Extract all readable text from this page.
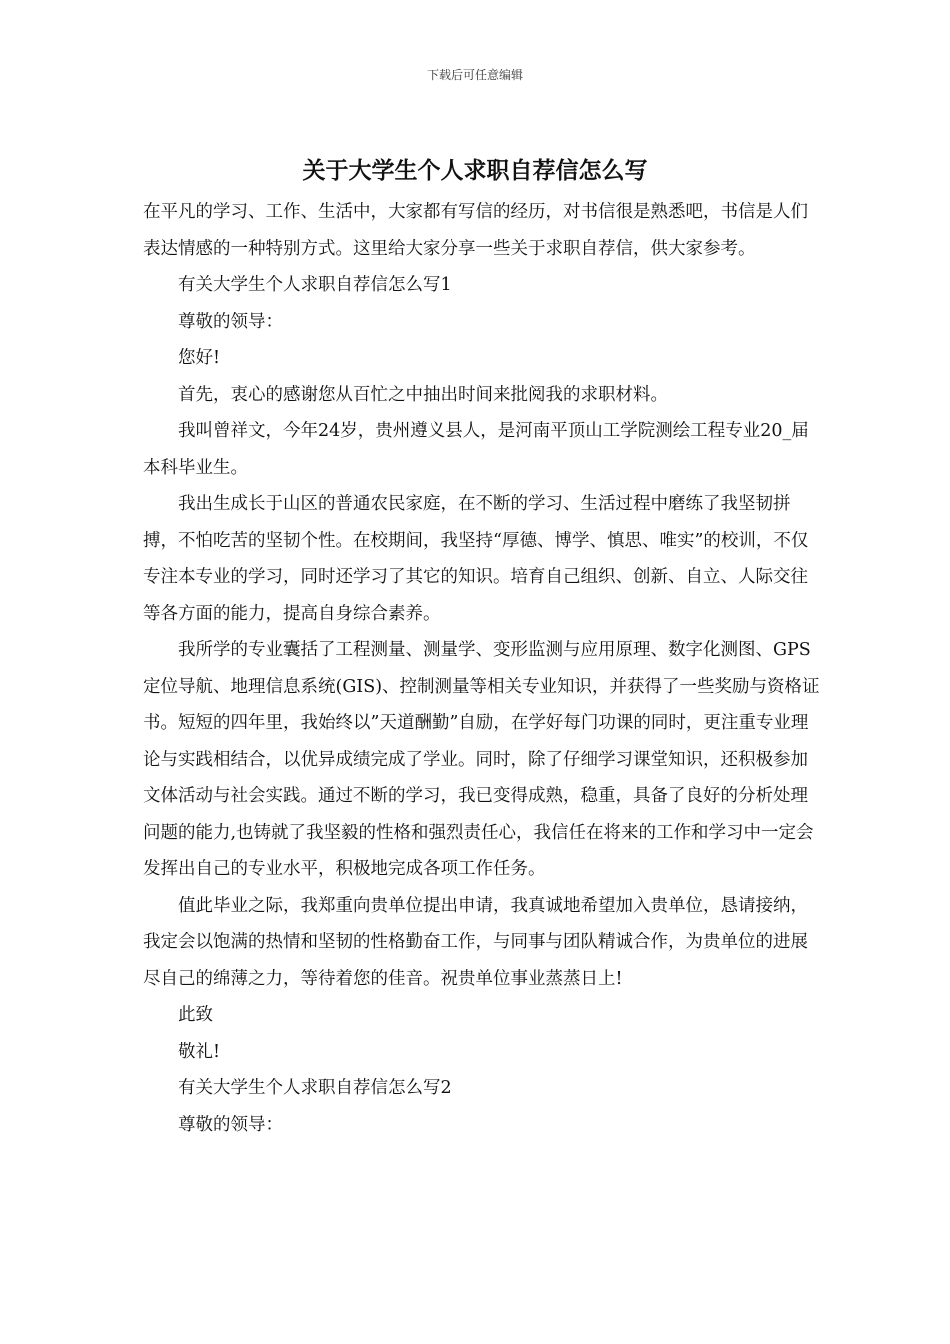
下载后可任意编辑
关于大学生个人求职自荐信怎么写

在平凡的学习、工作、生活中，大家都有写信的经历，对书信很是熟悉吧，书信是人们表达情感的一种特别方式。这里给大家分享一些关于求职自荐信，供大家参考。

有关大学生个人求职自荐信怎么写1

尊敬的领导：

您好!

首先，衷心的感谢您从百忙之中抽出时间来批阅我的求职材料。

我叫曾祥文，今年24岁，贵州遵义县人，是河南平顶山工学院测绘工程专业20_届本科毕业生。

我出生成长于山区的普通农民家庭，在不断的学习、生活过程中磨练了我坚韧拼搏，不怕吃苦的坚韧个性。在校期间，我坚持“厚德、博学、慎思、唯实”的校训，不仅专注本专业的学习，同时还学习了其它的知识。培育自己组织、创新、自立、人际交往等各方面的能力，提高自身综合素养。

我所学的专业囊括了工程测量、测量学、变形监测与应用原理、数字化测图、GPS定位导航、地理信息系统(GIS)、控制测量等相关专业知识，并获得了一些奖励与资格证书。短短的四年里，我始终以”天道酬勤”自励，在学好每门功课的同时，更注重专业理论与实践相结合，以优异成绩完成了学业。同时，除了仔细学习课堂知识，还积极参加文体活动与社会实践。通过不断的学习，我已变得成熟，稳重，具备了良好的分析处理问题的能力,也铸就了我坚毅的性格和强烈责任心，我信任在将来的工作和学习中一定会发挥出自己的专业水平，积极地完成各项工作任务。

值此毕业之际，我郑重向贵单位提出申请，我真诚地希望加入贵单位，恳请接纳，我定会以饱满的热情和坚韧的性格勤奋工作，与同事与团队精诚合作，为贵单位的进展尽自己的绵薄之力，等待着您的佳音。祝贵单位事业蒸蒸日上!

此致

敬礼!

有关大学生个人求职自荐信怎么写2

尊敬的领导：
